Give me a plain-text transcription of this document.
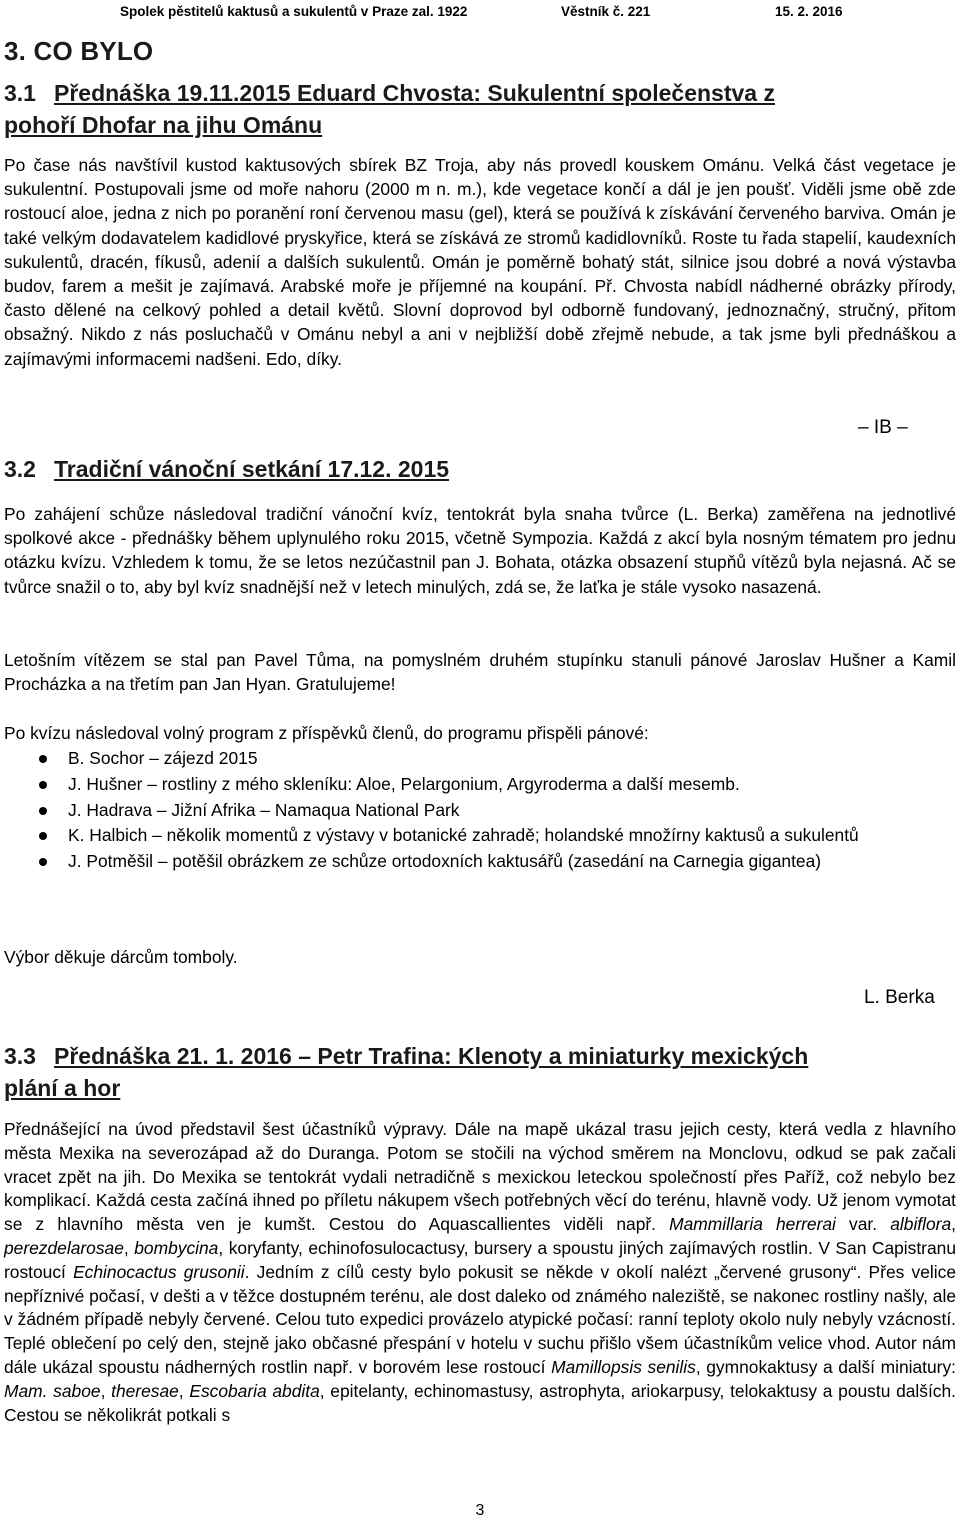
Spolek pěstitelů kaktusů a sukulentů v Praze zal. 1922	Věstník č. 221	15. 2. 2016
3. CO BYLO
3.1 Přednáška 19.11.2015 Eduard Chvosta: Sukulentní společenstva z
pohoří Dhofar na jihu Ománu

Po čase nás navštívil kustod kaktusových sbírek BZ Troja, aby nás provedl kouskem Ománu. Velká část vegetace je sukulentní. Postupovali jsme od moře nahoru (2000 m n. m.), kde vegetace končí a dál je jen poušť. Viděli jsme obě zde rostoucí aloe, jedna z nich po poranění roní červenou masu (gel), která se používá k získávání červeného barviva. Omán je také velkým dodavatelem kadidlové pryskyřice, která se získává ze stromů kadidlovníků. Roste tu řada stapelií, kaudexních sukulentů, dracén, fíkusů, adenií a dalších sukulentů. Omán je poměrně bohatý stát, silnice jsou dobré a nová výstavba budov, farem a mešit je zajímavá. Arabské moře je příjemné na koupání. Př. Chvosta nabídl nádherné obrázky přírody, často dělené na celkový pohled a detail květů. Slovní doprovod byl odborně fundovaný, jednoznačný, stručný, přitom obsažný. Nikdo z nás posluchačů v Ománu nebyl a ani v nejbližší době zřejmě nebude, a tak jsme byli přednáškou a zajímavými informacemi nadšeni. Edo, díky.

– IB –
3.2 Tradiční vánoční setkání 17.12. 2015

Po zahájení schůze následoval tradiční vánoční kvíz, tentokrát byla snaha tvůrce (L. Berka) zaměřena na jednotlivé spolkové akce - přednášky během uplynulého roku 2015, včetně Sympozia. Každá z akcí byla nosným tématem pro jednu otázku kvízu. Vzhledem k tomu, že se letos nezúčastnil pan J. Bohata, otázka obsazení stupňů vítězů byla nejasná. Ač se tvůrce snažil o to, aby byl kvíz snadnější než v letech minulých, zdá se, že laťka je stále vysoko nasazená.

Letošním vítězem se stal pan Pavel Tůma, na pomyslném druhém stupínku stanuli pánové Jaroslav Hušner a Kamil Procházka a na třetím pan Jan Hyan. Gratulujeme!

Po kvízu následoval volný program z příspěvků členů, do programu přispěli pánové:

B. Sochor – zájezd 2015
J. Hušner – rostliny z mého skleníku: Aloe, Pelargonium, Argyroderma a další mesemb.
J. Hadrava – Jižní Afrika – Namaqua National Park
K. Halbich – několik momentů z výstavy v botanické zahradě; holandské množírny kaktusů a sukulentů
J. Potměšil – potěšil obrázkem ze schůze ortodoxních kaktusářů (zasedání na Carnegia gigantea)

Výbor děkuje dárcům tomboly.

L. Berka
3.3 Přednáška 21. 1. 2016 – Petr Trafina: Klenoty a miniaturky mexických
plání a hor

Přednášející na úvod představil šest účastníků výpravy. Dále na mapě ukázal trasu jejich cesty, která vedla z hlavního města Mexika na severozápad až do Duranga. Potom se stočili na východ směrem na Monclovu, odkud se pak začali vracet zpět na jih. Do Mexika se tentokrát vydali netradičně s mexickou leteckou společností přes Paříž, což nebylo bez komplikací. Každá cesta začíná ihned po příletu nákupem všech potřebných věcí do terénu, hlavně vody. Už jenom vymotat se z hlavního města ven je kumšt. Cestou do Aquascallientes viděli např. Mammillaria herrerai var. albiflora, perezdelarosae, bombycina, koryfanty, echinofosulocactusy, bursery a spoustu jiných zajímavých rostlin. V San Capistranu rostoucí Echinocactus grusonii. Jedním z cílů cesty bylo pokusit se někde v okolí nalézt „červené grusony“. Přes velice nepříznivé počasí, v dešti a v těžce dostupném terénu, ale dost daleko od známého naleziště, se nakonec rostliny našly, ale v žádném případě nebyly červené. Celou tuto expedici provázelo atypické počasí: ranní teploty okolo nuly nebyly vzácností. Teplé oblečení po celý den, stejně jako občasné přespání v hotelu v suchu přišlo všem účastníkům velice vhod. Autor nám dále ukázal spoustu nádherných rostlin např. v borovém lese rostoucí Mamillopsis senilis, gymnokaktusy a další miniatury: Mam. saboe, theresae, Escobaria abdita, epitelanty, echinomastusy, astrophyta, ariokarpusy, telokaktusy a poustu dalších. Cestou se několikrát potkali s

3
